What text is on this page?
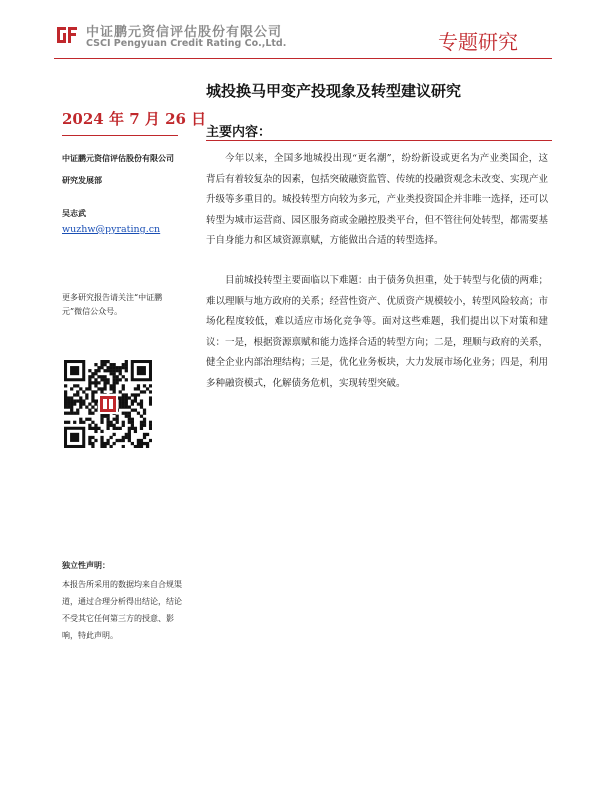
中证鹏元资信评估股份有限公司
CSCI Pengyuan Credit Rating Co.,Ltd.	专题研究
城投换马甲变产投现象及转型建议研究
2024 年 7 月 26 日
中证鹏元资信评估股份有限公司
研究发展部
吴志武
wuzhw@pyrating.cn
更多研究报告请关注“中证鹏元”微信公众号。
独立性声明：
本报告所采用的数据均来自合规渠道，通过合理分析得出结论，结论不受其它任何第三方的授意、影响，特此声明。
主要内容：

今年以来，全国多地城投出现“更名潮”，纷纷新设或更名为产业类国企，这背后有着较复杂的因素，包括突破融资监管、传统的投融资观念未改变、实现产业升级等多重目的。城投转型方向较为多元，产业类投资国企并非唯一选择，还可以转型为城市运营商、园区服务商或金融控股类平台，但不管往何处转型，都需要基于自身能力和区域资源禀赋，方能做出合适的转型选择。

目前城投转型主要面临以下难题：由于债务负担重，处于转型与化债的两难；难以理顺与地方政府的关系；经营性资产、优质资产规模较小，转型风险较高；市场化程度较低，难以适应市场化竞争等。面对这些难题，我们提出以下对策和建议：一是，根据资源禀赋和能力选择合适的转型方向；二是，理顺与政府的关系，健全企业内部治理结构；三是，优化业务板块，大力发展市场化业务；四是，利用多种融资模式，化解债务危机，实现转型突破。
